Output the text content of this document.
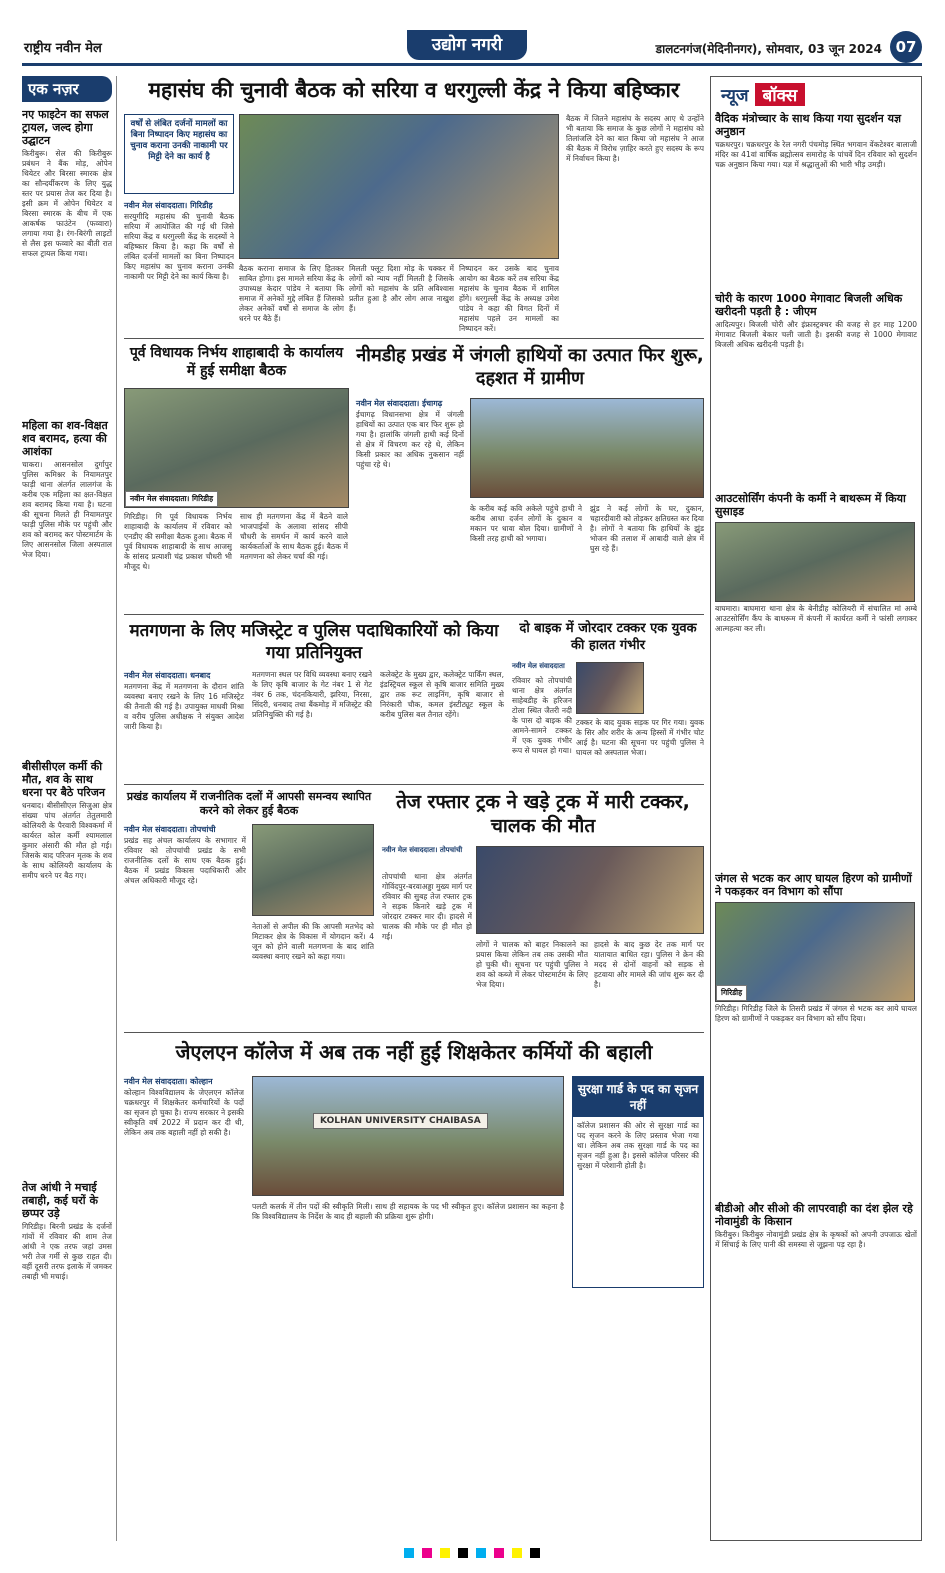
राष्ट्रीय नवीन मेल	उद्योग नगरी	डालटनगंज(मेदिनीनगर), सोमवार, 03 जून 2024 07
एक नज़र
नए फाइटेन का सफल ट्रायल, जल्द होगा उद्घाटन
किरीबुरू। सेल की किरीबुरू प्रबंधन ने बैंक मोड़, ओपेन थियेटर और बिरसा स्मारक क्षेत्र का सौन्दर्यीकरण के लिए युद्ध स्तर पर प्रयास तेज कर दिया है। इसी क्रम में ओपेन थियेटर व बिरसा स्मारक के बीच में एक आकर्षक फाउंटेन (फव्वारा) लगाया गया है। रंग-बिरंगी लाइटों से लैस इस फव्वारे का बीती रात सफल ट्रायल किया गया।
महिला का शव-विक्षत शव बरामद, हत्या की आशंका
चाकरा। आसनसोल दुर्गापुर पुलिस कमिश्नर के नियामतपुर फाड़ी थाना अंतर्गत लालगंज के करीब एक महिला का क्षत-विक्षत शव बरामद किया गया है। घटना की सूचना मिलते ही नियामतपुर फाड़ी पुलिस मौके पर पहुंची और शव को बरामद कर पोस्टमार्टम के लिए आसनसोल जिला अस्पताल भेज दिया।
बीसीसीएल कर्मी की मौत, शव के साथ धरना पर बैठे परिजन
धनबाद। बीसीसीएल सिजुआ क्षेत्र संख्या पांच अंतर्गत तेतुलमारी कोलियरी के पैरवारी विश्वकर्मा में कार्यरत कोल कर्मी श्यामलाल कुमार अंसारी की मौत हो गई। जिसके बाद परिजन मृतक के शव के साथ कोलियरी कार्यालय के समीप धरने पर बैठ गए।
तेज आंधी ने मचाई तबाही, कई घरों के छप्पर उड़े
गिरिडीह। बिरनी प्रखंड के दर्जनों गांवों में रविवार की शाम तेज आंधी ने एक तरफ जहां उमस भरी तेज गर्मी से कुछ राहत दी। वहीं दूसरी तरफ इलाके में जमकर तबाही भी मचाई।
महासंघ की चुनावी बैठक को सरिया व धरगुल्ली केंद्र ने किया बहिष्कार
वर्षों से लंबित दर्जनों मामलों का बिना निष्पादन किए महासंघ का चुनाव कराना उनकी नाकामी पर मिट्टी देने का कार्य है
नवीन मेल संवाददाता। गिरिडीह
सरयुगीदि महासंघ की चुनावी बैठक सरिया में आयोजित की गई थी जिसे सरिया केंद्र व धरगुल्ली केंद्र के सदस्यों ने बहिष्कार किया है। कहा कि वर्षों से लंबित दर्जनों मामलों का बिना निष्पादन किए महासंघ का चुनाव कराना उनकी नाकामी पर मिट्टी देने का कार्य किया है।
बैठक कराना समाज के लिए हितकर साबित होगा। इस मामले सरिया केंद्र के उपाध्यक्ष केदार पांडेय ने बताया कि समाज में अनेकों मुद्दे लंबित हैं जिसको लेकर अनेकों वर्षों से समाज के लोग धरने पर बैठे हैं।
मिलती फ्लूट दिशा मोड़ के चक्कर में लोगों को न्याय नहीं मिलती है जिसके लोगों को महासंघ के प्रति अविश्वास प्रतीत हुआ है और लोग आज नाखुश हैं।
निष्पादन कर उसके बाद चुनाव आयोग का बैठक करें तब सरिया केंद्र महासंघ के चुनाव बैठक में शामिल होंगे। धरगुल्ली केंद्र के अध्यक्ष उमेश पांडेय ने कहा की विगत दिनों में महासंघ पहले उन मामलों का निष्पादन करें।
बैठक में जितने महासंघ के सदस्य आए थे उन्होंने भी बताया कि समाज के कुछ लोगों ने महासंघ को तिलांजलि देने का बात किया जो महासंघ ने आज की बैठक में विरोध ज़ाहिर करते हुए सदस्य के रूप में निर्वाचन किया है।
पूर्व विधायक निर्भय शाहाबादी के कार्यालय में हुई समीक्षा बैठक
नवीन मेल संवाददाता। गिरिडीह
गिरिडीह। गि पूर्व विधायक निर्भय शाहाबादी के कार्यालय में रविवार को एनडीए की समीक्षा बैठक हुआ। बैठक में पूर्व विधायक शाहाबादी के साथ आजसू के सांसद प्रत्याशी चंद्र प्रकाश चौधरी भी मौजूद थे।
साथ ही मतगणना केंद्र में बैठने वाले भाजपाईयों के अलावा सांसद सीपी चौधरी के समर्थन में कार्य करने वाले कार्यकर्ताओं के साथ बैठक हुई। बैठक में मतगणना को लेकर चर्चा की गई।
नीमडीह प्रखंड में जंगली हाथियों का उत्पात फिर शुरू, दहशत में ग्रामीण
नवीन मेल संवाददाता। ईचागढ़
ईचागढ़ विधानसभा क्षेत्र में जंगली हाथियों का उत्पात एक बार फिर शुरू हो गया है। हालांकि जंगली हाथी कई दिनों से क्षेत्र में विचरण कर रहे थे, लेकिन किसी प्रकार का अधिक नुकसान नहीं पहुंचा रहे थे।
के करीब कई कवि अकेले पहुंचे हाथी ने करीब आधा दर्जन लोगों के दुकान व मकान पर धावा बोल दिया। ग्रामीणों ने किसी तरह हाथी को भगाया।
झुंड ने कई लोगों के घर, दुकान, चहारदीवारी को तोड़कर क्षतिग्रस्त कर दिया है। लोगों ने बताया कि हाथियों के झुंड भोजन की तलाश में आबादी वाले क्षेत्र में घुस रहे हैं।
मतगणना के लिए मजिस्ट्रेट व पुलिस पदाधिकारियों को किया गया प्रतिनियुक्त
नवीन मेल संवाददाता। धनबाद
मतगणना केंद्र में मतगणना के दौरान शांति व्यवस्था बनाए रखने के लिए 16 मजिस्ट्रेट की तैनाती की गई है। उपायुक्त माधवी मिश्रा व वरीय पुलिस अधीक्षक ने संयुक्त आदेश जारी किया है।
मतगणना स्थल पर विधि व्यवस्था बनाए रखने के लिए कृषि बाजार के गेट नंबर 1 से गेट नंबर 6 तक, चंदनकियारी, झरिया, निरसा, सिंदरी, धनबाद तथा बैंकमोड़ में मजिस्ट्रेट की प्रतिनियुक्ति की गई है।
कलेक्ट्रेट के मुख्य द्वार, कलेक्ट्रेट पार्किंग स्थल, इंडस्ट्रियल स्कूल से कृषि बाजार समिति मुख्य द्वार तक रूट लाइनिंग, कृषि बाजार से निरंकारी चौक, कमल इंस्टीट्यूट स्कूल के करीब पुलिस बल तैनात रहेंगे।
दो बाइक में जोरदार टक्कर एक युवक की हालत गंभीर
नवीन मेल संवाददाता
रविवार को तोपचांची थाना क्षेत्र अंतर्गत साहेबडीह के हरिजन टोला स्थित जैतरी नदी के पास दो बाइक की आमने-सामने टक्कर में एक युवक गंभीर रूप से घायल हो गया।
टक्कर के बाद युवक सड़क पर गिर गया। युवक के सिर और शरीर के अन्य हिस्सों में गंभीर चोट आई है। घटना की सूचना पर पहुंची पुलिस ने घायल को अस्पताल भेजा।
प्रखंड कार्यालय में राजनीतिक दलों में आपसी समन्वय स्थापित करने को लेकर हुई बैठक
नवीन मेल संवाददाता। तोपचांची
प्रखंड सह अंचल कार्यालय के सभागार में रविवार को तोपचांची प्रखंड के सभी राजनीतिक दलों के साथ एक बैठक हुई। बैठक में प्रखंड विकास पदाधिकारी और अंचल अधिकारी मौजूद रहे।
नेताओं से अपील की कि आपसी मतभेद को मिटाकर क्षेत्र के विकास में योगदान करें। 4 जून को होने वाली मतगणना के बाद शांति व्यवस्था बनाए रखने को कहा गया।
तेज रफ्तार ट्रक ने खड़े ट्रक में मारी टक्कर, चालक की मौत
नवीन मेल संवाददाता। तोपचांची
तोपचांची थाना क्षेत्र अंतर्गत गोविंदपुर-बरवाअड्डा मुख्य मार्ग पर रविवार की सुबह तेज रफ्तार ट्रक ने सड़क किनारे खड़े ट्रक में जोरदार टक्कर मार दी। हादसे में चालक की मौके पर ही मौत हो गई।
लोगों ने चालक को बाहर निकालने का प्रयास किया लेकिन तब तक उसकी मौत हो चुकी थी। सूचना पर पहुंची पुलिस ने शव को कब्जे में लेकर पोस्टमार्टम के लिए भेज दिया।
हादसे के बाद कुछ देर तक मार्ग पर यातायात बाधित रहा। पुलिस ने क्रेन की मदद से दोनों वाहनों को सड़क से हटवाया और मामले की जांच शुरू कर दी है।
जेएलएन कॉलेज में अब तक नहीं हुई शिक्षकेतर कर्मियों की बहाली
नवीन मेल संवाददाता। कोल्हान
कोल्हान विश्वविद्यालय के जेएलएन कॉलेज चक्रधरपुर में शिक्षकेतर कर्मचारियों के पदों का सृजन हो चुका है। राज्य सरकार ने इसकी स्वीकृति वर्ष 2022 में प्रदान कर दी थी, लेकिन अब तक बहाली नहीं हो सकी है।
KOLHAN UNIVERSITY CHAIBASA
पलटी कलर्क में तीन पदों की स्वीकृति मिली। साथ ही सहायक के पद भी स्वीकृत हुए। कॉलेज प्रशासन का कहना है कि विश्वविद्यालय के निर्देश के बाद ही बहाली की प्रक्रिया शुरू होगी।
सुरक्षा गार्ड के पद का सृजन नहीं
कॉलेज प्रशासन की ओर से सुरक्षा गार्ड का पद सृजन करने के लिए प्रस्ताव भेजा गया था। लेकिन अब तक सुरक्षा गार्ड के पद का सृजन नहीं हुआ है। इससे कॉलेज परिसर की सुरक्षा में परेशानी होती है।
न्यूज बॉक्स
वैदिक मंत्रोच्चार के साथ किया गया सुदर्शन यज्ञ अनुष्ठान
चक्रधरपुर। चक्रधरपुर के रेल नगरी पंचमोड़ स्थित भगवान वेंकटेश्वर बालाजी मंदिर का 41वां वार्षिक ब्रह्मोत्सव समारोह के पांचवें दिन रविवार को सुदर्शन चक्र अनुष्ठान किया गया। यज्ञ में श्रद्धालुओं की भारी भीड़ उमड़ी।
चोरी के कारण 1000 मेगावाट बिजली अधिक खरीदनी पड़ती है : जीएम
आदित्यपुर। बिजली चोरी और इंफ्रास्ट्रक्चर की वजह से हर माह 1200 मेगावाट बिजली बेकार चली जाती है। इसकी वजह से 1000 मेगावाट बिजली अधिक खरीदनी पड़ती है।
आउटसोर्सिंग कंपनी के कर्मी ने बाथरूम में किया सुसाइड
बाघमारा। बाघमारा थाना क्षेत्र के बेनीडीह कोलियरी में संचालित मां अम्बे आउटसोर्सिंग कैंप के बाथरूम में कंपनी में कार्यरत कर्मी ने फांसी लगाकर आत्महत्या कर ली।
जंगल से भटक कर आए घायल हिरण को ग्रामीणों ने पकड़कर वन विभाग को सौंपा
गिरिडीह
गिरिडीह। गिरिडीह जिले के तिसरी प्रखंड में जंगल से भटक कर आये घायल हिरण को ग्रामीणों ने पकड़कर वन विभाग को सौंप दिया।
बीडीओ और सीओ की लापरवाही का दंश झेल रहे नोवामुंडी के किसान
किरीबुरु। किरीबुरु नोवामुंडी प्रखंड क्षेत्र के कृषकों को अपनी उपजाऊ खेतों में सिंचाई के लिए पानी की समस्या से जूझना पड़ रहा है।
